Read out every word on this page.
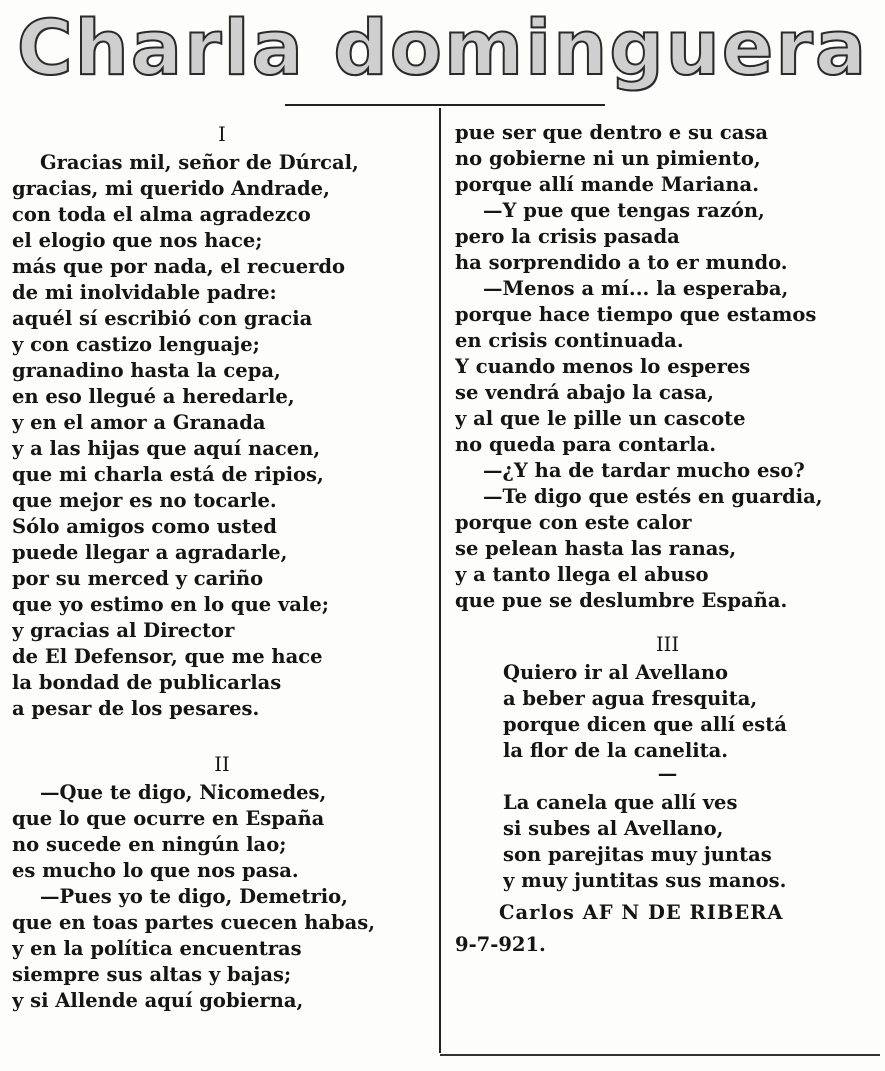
Charla dominguera
I
Gracias mil, señor de Dúrcal,
gracias, mi querido Andrade,
con toda el alma agradezco
el elogio que nos hace;
más que por nada, el recuerdo
de mi inolvidable padre:
aquél sí escribió con gracia
y con castizo lenguaje;
granadino hasta la cepa,
en eso llegué a heredarle,
y en el amor a Granada
y a las hijas que aquí nacen,
que mi charla está de ripios,
que mejor es no tocarle.
Sólo amigos como usted
puede llegar a agradarle,
por su merced y cariño
que yo estimo en lo que vale;
y gracias al Director
de El Defensor, que me hace
la bondad de publicarlas
a pesar de los pesares.
II
—Que te digo, Nicomedes,
que lo que ocurre en España
no sucede en ningún lao;
es mucho lo que nos pasa.
—Pues yo te digo, Demetrio,
que en toas partes cuecen habas,
y en la política encuentras
siempre sus altas y bajas;
y si Allende aquí gobierna,
pue ser que dentro e su casa
no gobierne ni un pimiento,
porque allí mande Mariana.
—Y pue que tengas razón,
pero la crisis pasada
ha sorprendido a to er mundo.
—Menos a mí... la esperaba,
porque hace tiempo que estamos
en crisis continuada.
Y cuando menos lo esperes
se vendrá abajo la casa,
y al que le pille un cascote
no queda para contarla.
—¿Y ha de tardar mucho eso?
—Te digo que estés en guardia,
porque con este calor
se pelean hasta las ranas,
y a tanto llega el abuso
que pue se deslumbre España.
III
Quiero ir al Avellano
a beber agua fresquita,
porque dicen que allí está
la flor de la canelita.
—
La canela que allí ves
si subes al Avellano,
son parejitas muy juntas
y muy juntitas sus manos.
Carlos AF N DE RIBERA
9-7-921.
